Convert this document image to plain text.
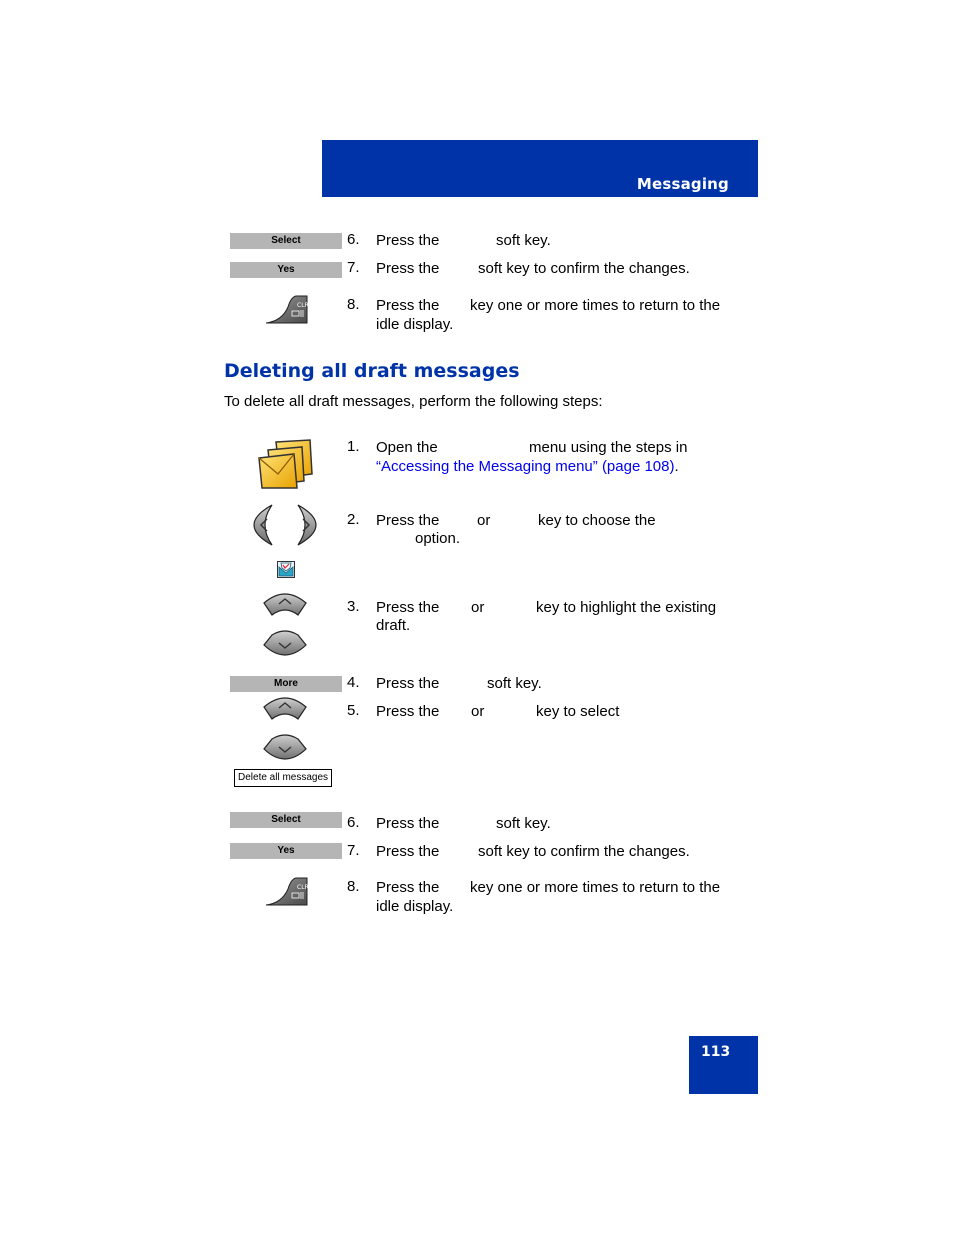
Messaging
Select	6. Press the	soft key.
Yes	7. Press the	soft key to confirm the changes.
CLR	8. Press the key one or more times to return to the
idle display.
Deleting all draft messages
To delete all draft messages, perform the following steps:
1. Open the	menu using the steps in
“Accessing the Messaging menu” (page 108).
2. Press the	or	key to choose the
option.
3. Press the or	key to highlight the existing
draft.
More	4. Press the	soft key.
5. Press the or	key to select
Delete all messages
Select	6. Press the	soft key.
Yes	7. Press the	soft key to confirm the changes.
CLR	8. Press the key one or more times to return to the
idle display.
113
